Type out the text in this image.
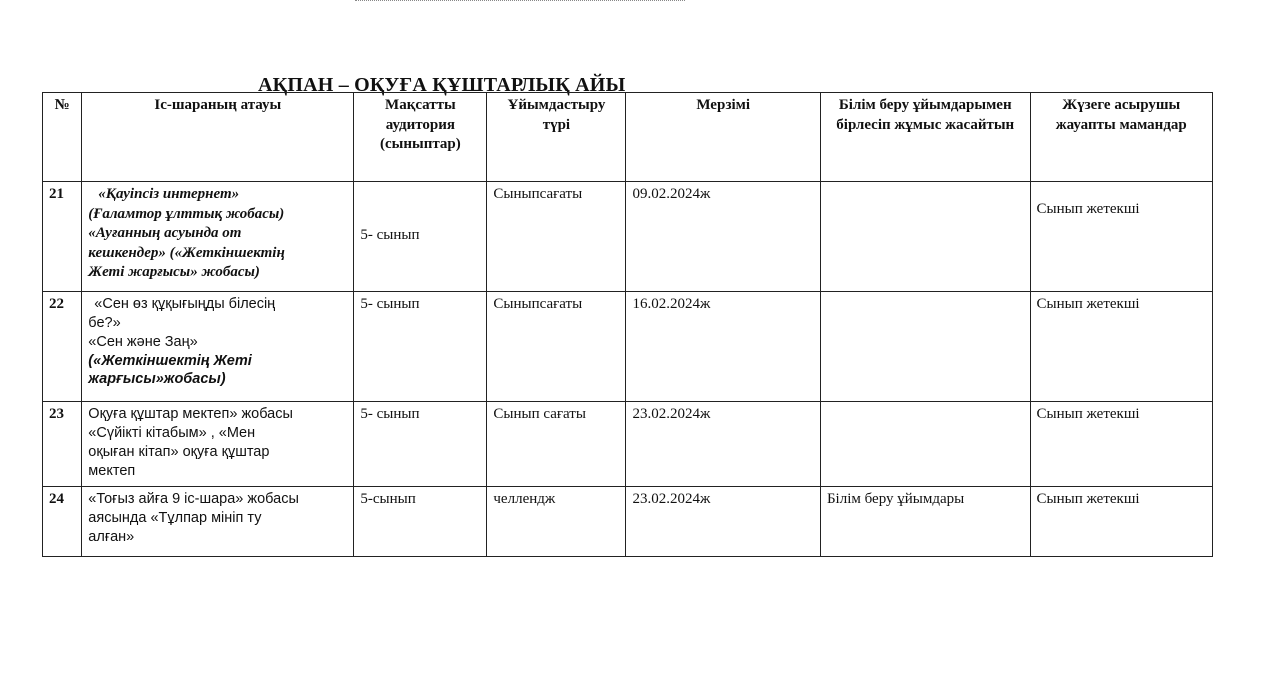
АҚПАН – ОҚУҒА ҚҰШТАРЛЫҚ АЙЫ
№	Іс-шараның атауы	Мақсатты аудитория (сыныптар)	Ұйымдастыру түрі	Мерзімі	Білім беру ұйымдарымен бірлесіп жұмыс жасайтын	Жүзеге асырушы жауапты мамандар
21	«Қауіпсіз интернет»
(Ғаламтор ұлттық жобасы)
«Ауғанның асуында от
кешкендер» («Жеткіншектің
Жеті жарғысы» жобасы)	5- сынып	Сыныпсағаты	09.02.2024ж		Сынып жетекші
22	«Сен өз құқығыңды білесің
бе?»
«Сен және Заң»
(«Жеткіншектің Жеті
жарғысы»жобасы)	5- сынып	Сыныпсағаты	16.02.2024ж		Сынып жетекші
23	Оқуға құштар мектеп» жобасы
«Сүйікті кітабым» , «Мен
оқыған кітап» оқуға құштар
мектеп	5- сынып	Сынып сағаты	23.02.2024ж		Сынып жетекші
24	«Тоғыз айға 9 іс-шара» жобасы
аясында «Тұлпар мініп ту
алған»	5-сынып	челлендж	23.02.2024ж	Білім беру ұйымдары	Сынып жетекші
